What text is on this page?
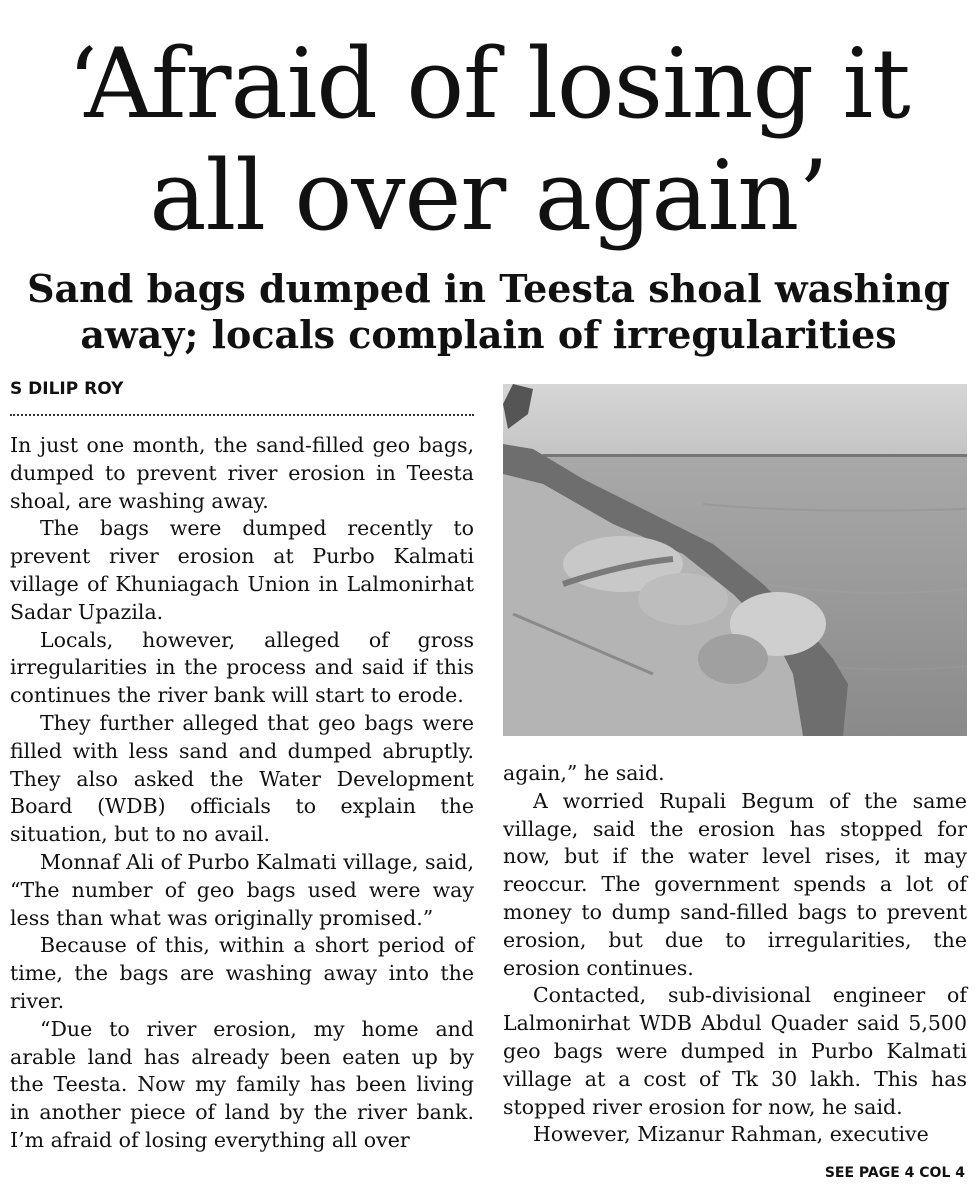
‘Afraid of losing it
all over again’
Sand bags dumped in Teesta shoal washing
away; locals complain of irregularities
S DILIP ROY

In just one month, the sand-filled geo bags, dumped to prevent river erosion in Teesta shoal, are washing away.

The bags were dumped recently to prevent river erosion at Purbo Kalmati village of Khuniagach Union in Lalmonirhat Sadar Upazila.

Locals, however, alleged of gross irregularities in the process and said if this continues the river bank will start to erode.

They further alleged that geo bags were filled with less sand and dumped abruptly. They also asked the Water Development Board (WDB) officials to explain the situation, but to no avail.

Monnaf Ali of Purbo Kalmati village, said, “The number of geo bags used were way less than what was originally promised.”

Because of this, within a short period of time, the bags are washing away into the river.

“Due to river erosion, my home and arable land has already been eaten up by the Teesta. Now my family has been living in another piece of land by the river bank. I’m afraid of losing everything all over

again,” he said.

A worried Rupali Begum of the same village, said the erosion has stopped for now, but if the water level rises, it may reoccur. The government spends a lot of money to dump sand-filled bags to prevent erosion, but due to irregularities, the erosion continues.

Contacted, sub-divisional engineer of Lalmonirhat WDB Abdul Quader said 5,500 geo bags were dumped in Purbo Kalmati village at a cost of Tk 30 lakh. This has stopped river erosion for now, he said.

However, Mizanur Rahman, executive

SEE PAGE 4 COL 4
